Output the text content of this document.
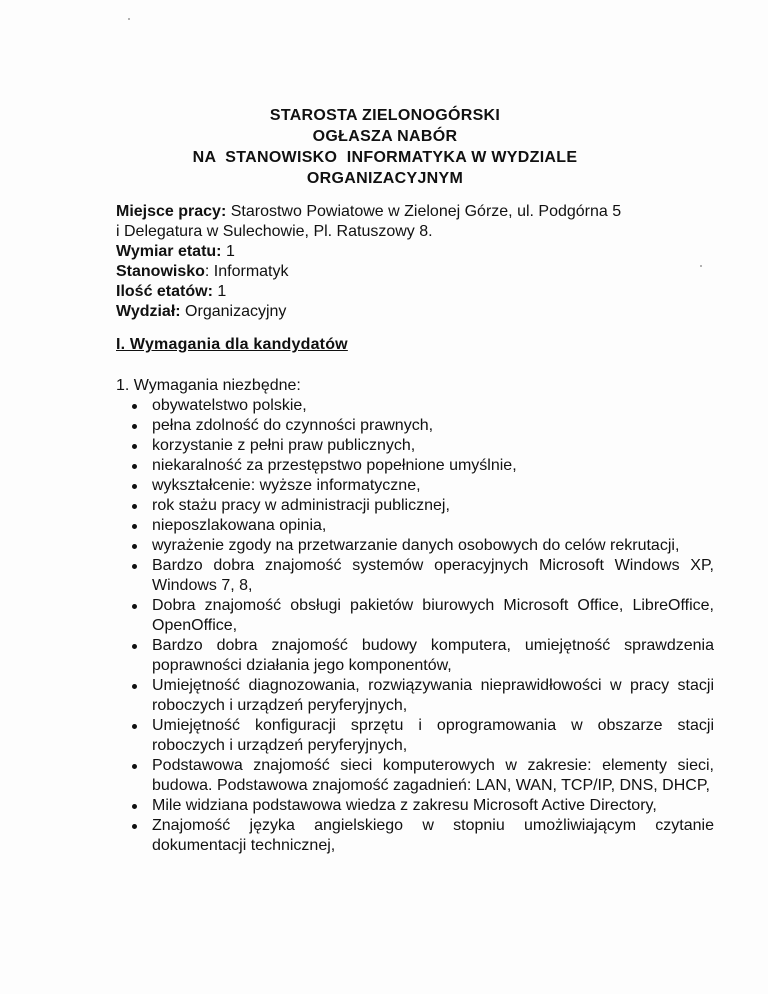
STAROSTA ZIELONOGÓRSKI
OGŁASZA NABÓR
NA  STANOWISKO  INFORMATYKA W WYDZIALE
ORGANIZACYJNYM
Miejsce pracy: Starostwo Powiatowe w Zielonej Górze, ul. Podgórna 5
i Delegatura w Sulechowie, Pl. Ratuszowy 8.
Wymiar etatu: 1
Stanowisko: Informatyk
Ilość etatów: 1
Wydział: Organizacyjny
I. Wymagania dla kandydatów
1. Wymagania niezbędne:
obywatelstwo polskie,
pełna zdolność do czynności prawnych,
korzystanie z pełni praw publicznych,
niekaralność za przestępstwo popełnione umyślnie,
wykształcenie: wyższe informatyczne,
rok stażu pracy w administracji publicznej,
nieposzlakowana opinia,
wyrażenie zgody na przetwarzanie danych osobowych do celów rekrutacji,
Bardzo dobra znajomość systemów operacyjnych Microsoft Windows XP, Windows 7, 8,
Dobra znajomość obsługi pakietów biurowych Microsoft Office, LibreOffice, OpenOffice,
Bardzo dobra znajomość budowy komputera, umiejętność sprawdzenia poprawności działania jego komponentów,
Umiejętność diagnozowania, rozwiązywania nieprawidłowości w pracy stacji roboczych i urządzeń peryferyjnych,
Umiejętność konfiguracji sprzętu i oprogramowania w obszarze stacji roboczych i urządzeń peryferyjnych,
Podstawowa znajomość sieci komputerowych w zakresie: elementy sieci, budowa. Podstawowa znajomość zagadnień: LAN, WAN, TCP/IP, DNS, DHCP,
Mile widziana podstawowa wiedza z zakresu Microsoft Active Directory,
Znajomość języka angielskiego w stopniu umożliwiającym czytanie dokumentacji technicznej,
